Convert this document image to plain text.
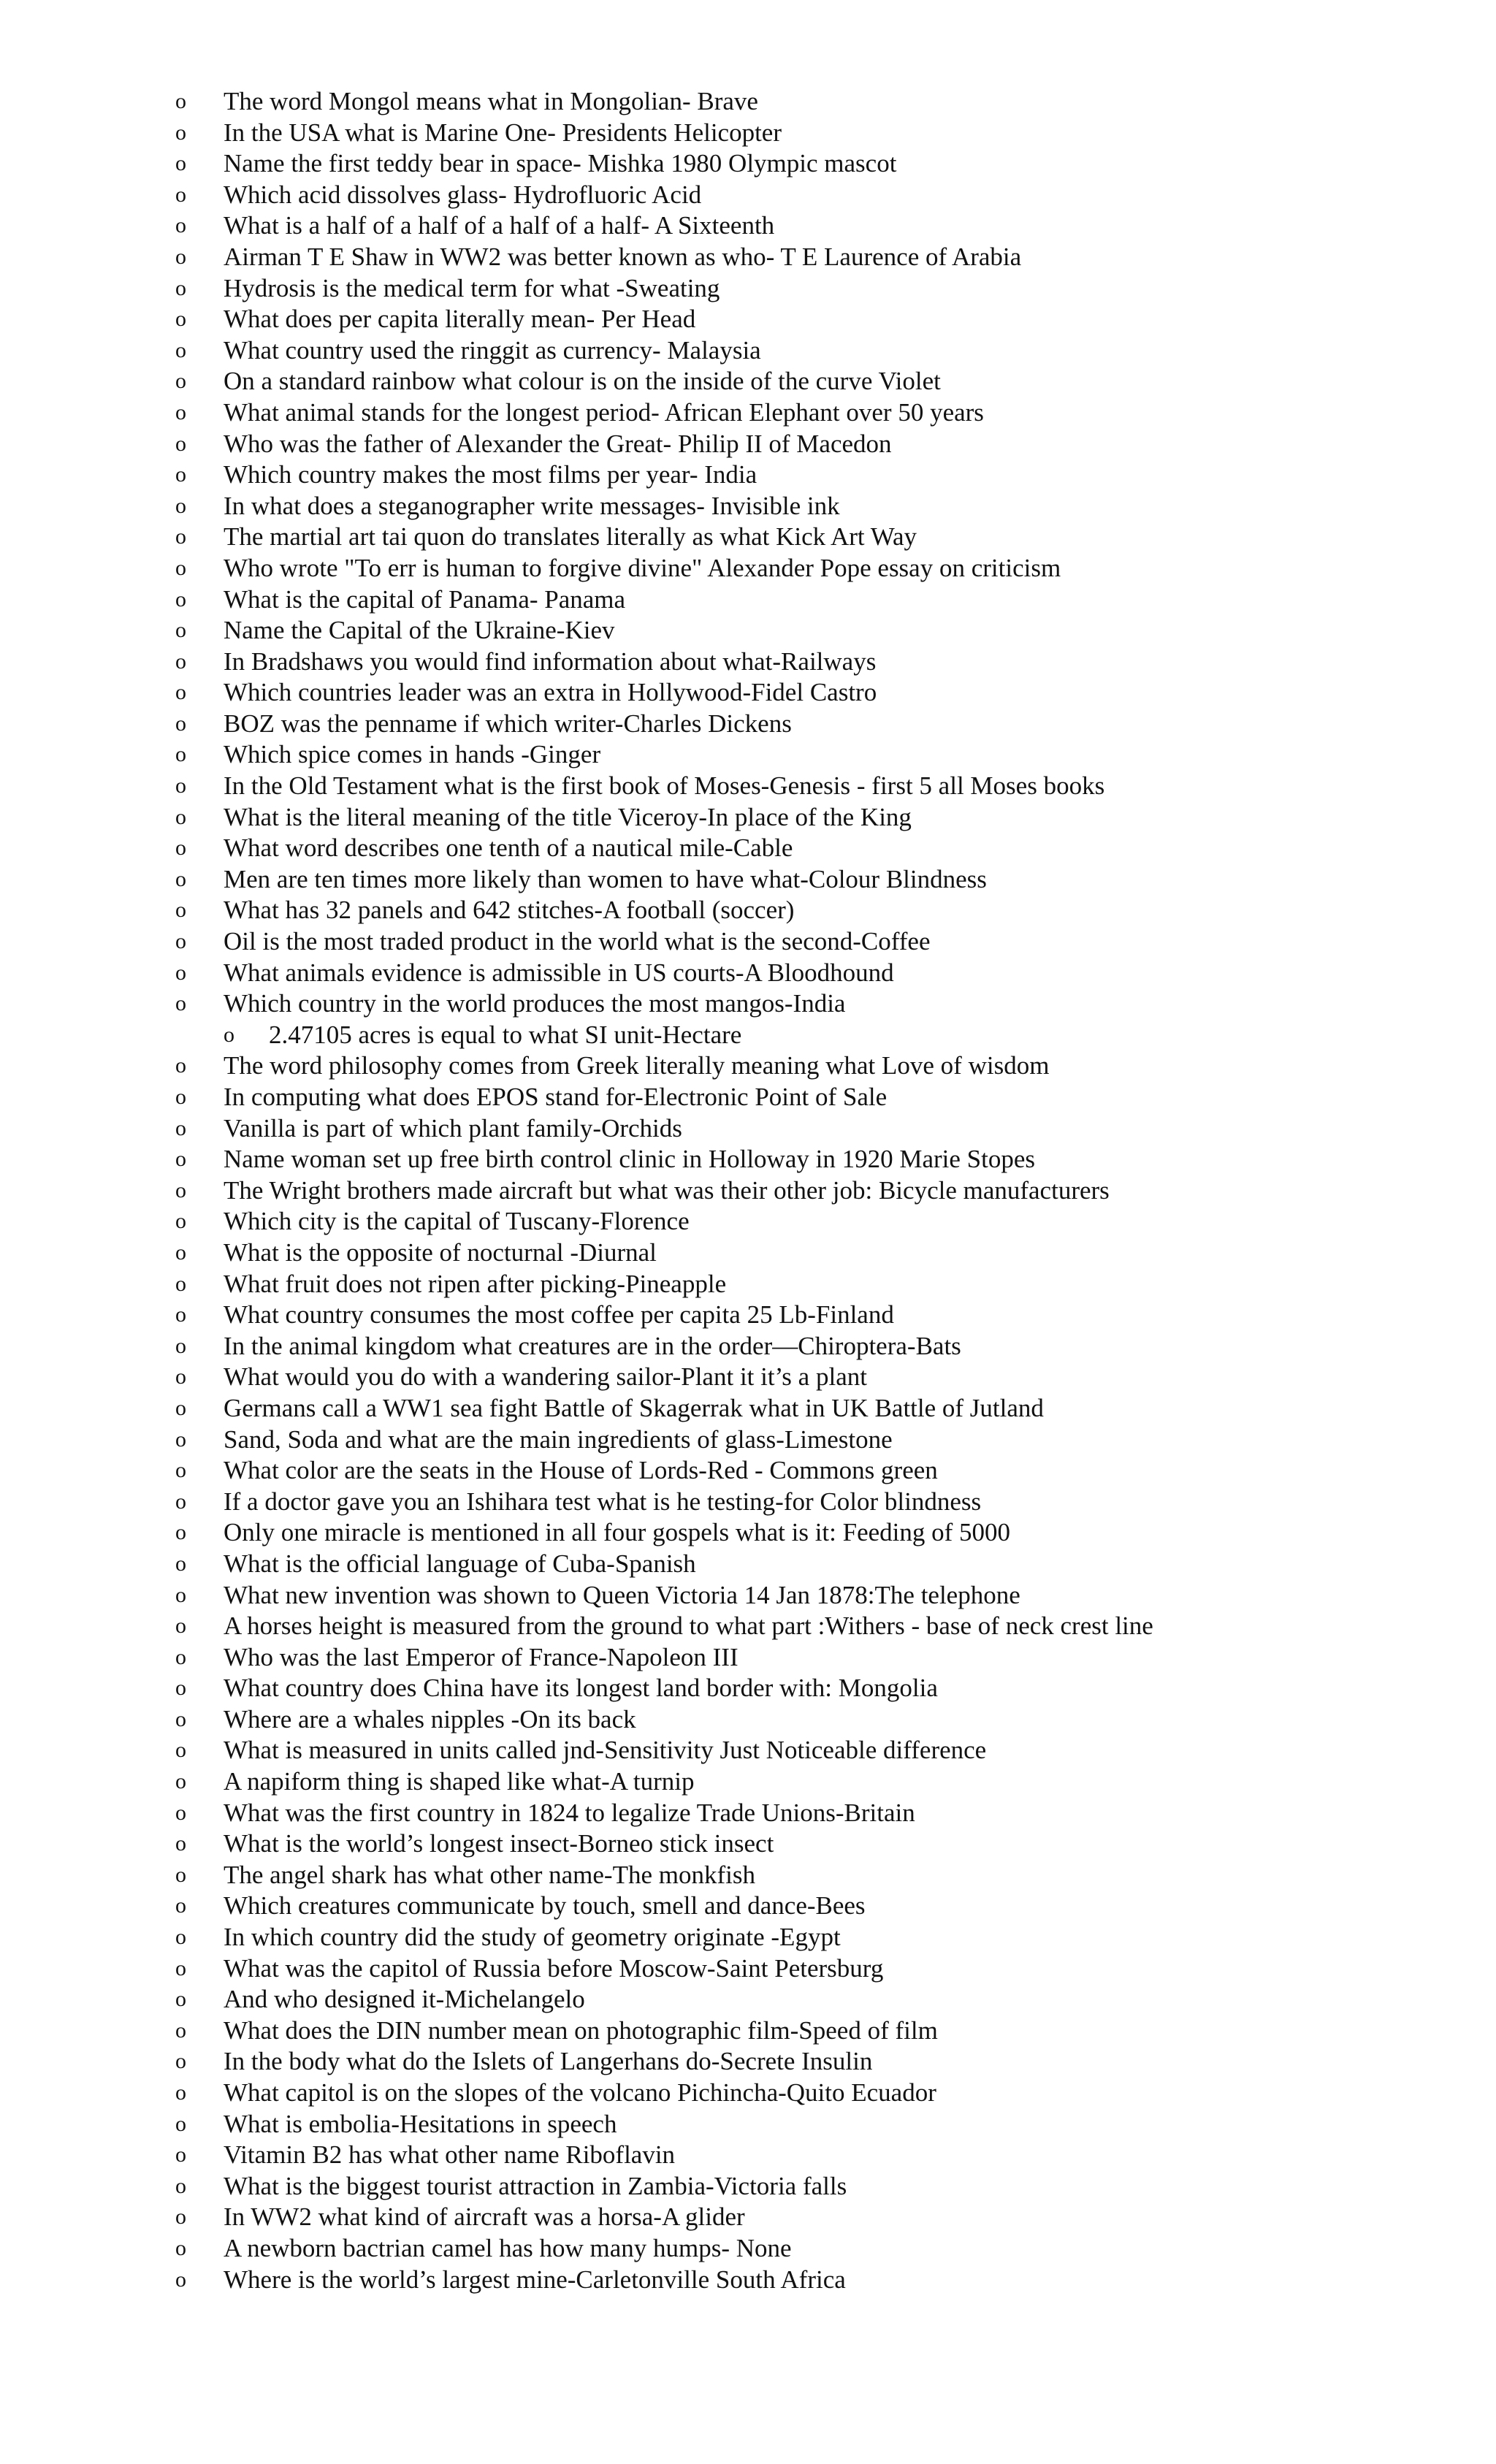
o	The word Mongol means what in Mongolian- Brave
o	In the USA what is Marine One- Presidents Helicopter
o	Name the first teddy bear in space- Mishka 1980 Olympic mascot
o	Which acid dissolves glass- Hydrofluoric Acid
o	What is a half of a half of a half of a half- A Sixteenth
o	Airman T E Shaw in WW2 was better known as who- T E Laurence of Arabia
o	Hydrosis is the medical term for what -Sweating
o	What does per capita literally mean- Per Head
o	What country used the ringgit as currency- Malaysia
o	On a standard rainbow what colour is on the inside of the curve Violet
o	What animal stands for the longest period- African Elephant over 50 years
o	Who was the father of Alexander the Great- Philip II of Macedon
o	Which country makes the most films per year- India
o	In what does a steganographer write messages- Invisible ink
o	The martial art tai quon do translates literally as what Kick Art Way
o	Who wrote "To err is human to forgive divine" Alexander Pope essay on criticism
o	What is the capital of Panama- Panama
o	Name the Capital of the Ukraine-Kiev
o	In Bradshaws you would find information about what-Railways
o	Which countries leader was an extra in Hollywood-Fidel Castro
o	BOZ was the penname if which writer-Charles Dickens
o	Which spice comes in hands -Ginger
o	In the Old Testament what is the first book of Moses-Genesis - first 5 all Moses books
o	What is the literal meaning of the title Viceroy-In place of the King
o	What word describes one tenth of a nautical mile-Cable
o	Men are ten times more likely than women to have what-Colour Blindness
o	What has 32 panels and 642 stitches-A football (soccer)
o	Oil is the most traded product in the world what is the second-Coffee
o	What animals evidence is admissible in US courts-A Bloodhound
o	Which country in the world produces the most mangos-India
o	2.47105 acres is equal to what SI unit-Hectare
o	The word philosophy comes from Greek literally meaning what Love of wisdom
o	In computing what does EPOS stand for-Electronic Point of Sale
o	Vanilla is part of which plant family-Orchids
o	Name woman set up free birth control clinic in Holloway in 1920 Marie Stopes
o	The Wright brothers made aircraft but what was their other job: Bicycle manufacturers
o	Which city is the capital of Tuscany-Florence
o	What is the opposite of nocturnal -Diurnal
o	What fruit does not ripen after picking-Pineapple
o	What country consumes the most coffee per capita 25 Lb-Finland
o	In the animal kingdom what creatures are in the order—Chiroptera-Bats
o	What would you do with a wandering sailor-Plant it it’s a plant
o	Germans call a WW1 sea fight Battle of Skagerrak what in UK Battle of Jutland
o	Sand, Soda and what are the main ingredients of glass-Limestone
o	What color are the seats in the House of Lords-Red - Commons green
o	If a doctor gave you an Ishihara test what is he testing-for Color blindness
o	Only one miracle is mentioned in all four gospels what is it: Feeding of 5000
o	What is the official language of Cuba-Spanish
o	What new invention was shown to Queen Victoria 14 Jan 1878:The telephone
o	A horses height is measured from the ground to what part :Withers - base of neck crest line
o	Who was the last Emperor of France-Napoleon III
o	What country does China have its longest land border with: Mongolia
o	Where are a whales nipples -On its back
o	What is measured in units called jnd-Sensitivity Just Noticeable difference
o	A napiform thing is shaped like what-A turnip
o	What was the first country in 1824 to legalize Trade Unions-Britain
o	What is the world’s longest insect-Borneo stick insect
o	The angel shark has what other name-The monkfish
o	Which creatures communicate by touch, smell and dance-Bees
o	In which country did the study of geometry originate -Egypt
o	What was the capitol of Russia before Moscow-Saint Petersburg
o	And who designed it-Michelangelo
o	What does the DIN number mean on photographic film-Speed of film
o	In the body what do the Islets of Langerhans do-Secrete Insulin
o	What capitol is on the slopes of the volcano Pichincha-Quito Ecuador
o	What is embolia-Hesitations in speech
o	Vitamin B2 has what other name Riboflavin
o	What is the biggest tourist attraction in Zambia-Victoria falls
o	In WW2 what kind of aircraft was a horsa-A glider
o	A newborn bactrian camel has how many humps- None
o	Where is the world’s largest mine-Carletonville South Africa
